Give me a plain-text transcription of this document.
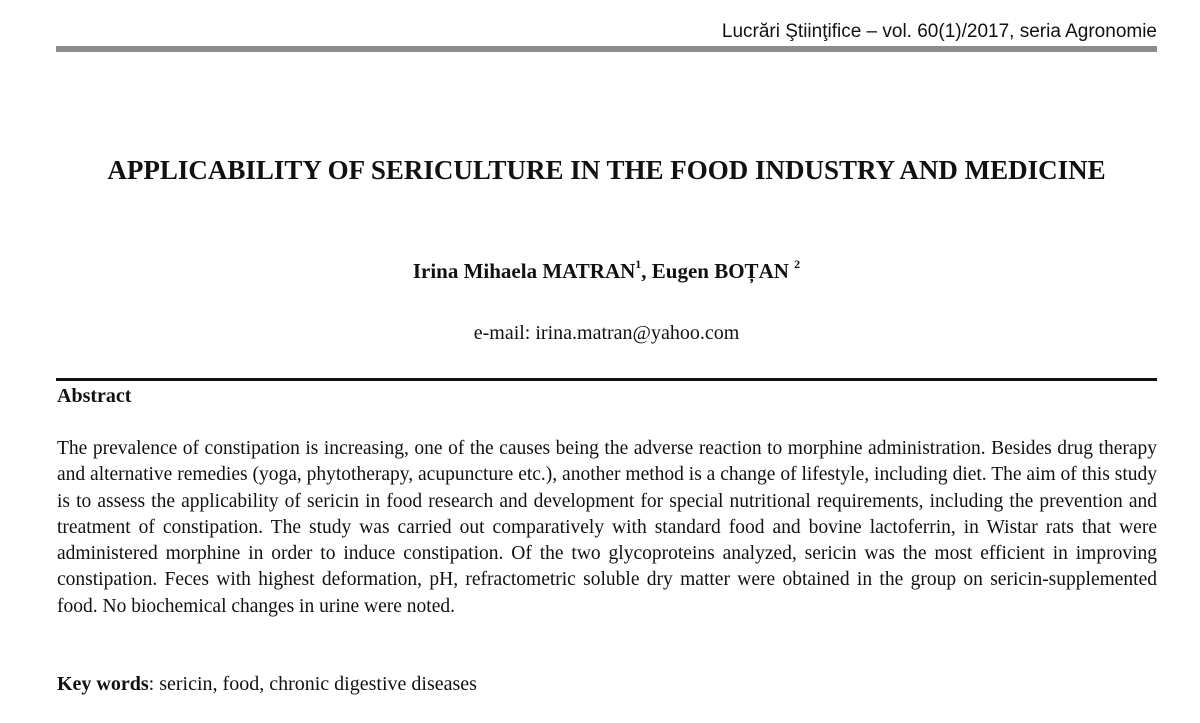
Lucrări Ştiinţifice – vol. 60(1)/2017, seria Agronomie
APPLICABILITY OF SERICULTURE IN THE FOOD INDUSTRY AND MEDICINE
Irina Mihaela MATRAN$^1$, Eugen BOȚAN $^2$
e-mail: irina.matran@yahoo.com
Abstract

The prevalence of constipation is increasing, one of the causes being the adverse reaction to morphine administration. Besides drug therapy and alternative remedies (yoga, phytotherapy, acupuncture etc.), another method is a change of lifestyle, including diet. The aim of this study is to assess the applicability of sericin in food research and development for special nutritional requirements, including the prevention and treatment of constipation. The study was carried out comparatively with standard food and bovine lactoferrin, in Wistar rats that were administered morphine in order to induce constipation. Of the two glycoproteins analyzed, sericin was the most efficient in improving constipation. Feces with highest deformation, pH, refractometric soluble dry matter were obtained in the group on sericin-supplemented food. No biochemical changes in urine were noted.

Key words: sericin, food, chronic digestive diseases
